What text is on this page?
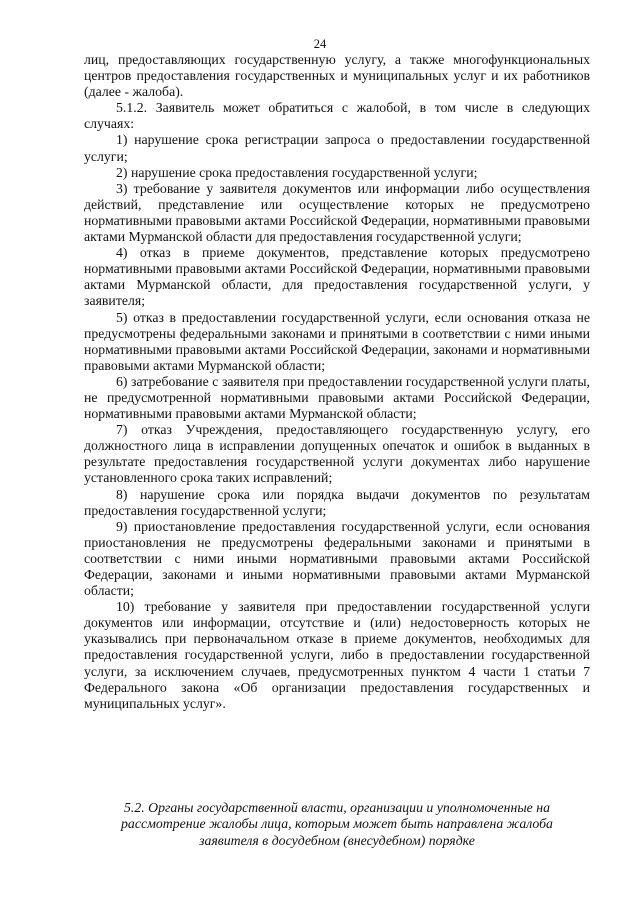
24

лиц, предоставляющих государственную услугу, а также многофункциональных центров предоставления государственных и муниципальных услуг и их работников (далее - жалоба).

5.1.2. Заявитель может обратиться с жалобой, в том числе в следующих случаях:

1) нарушение срока регистрации запроса о предоставлении государственной услуги;

2) нарушение срока предоставления государственной услуги;

3) требование у заявителя документов или информации либо осуществления действий, представление или осуществление которых не предусмотрено нормативными правовыми актами Российской Федерации, нормативными правовыми актами Мурманской области для предоставления государственной услуги;

4) отказ в приеме документов, представление которых предусмотрено нормативными правовыми актами Российской Федерации, нормативными правовыми актами Мурманской области, для предоставления государственной услуги, у заявителя;

5) отказ в предоставлении государственной услуги, если основания отказа не предусмотрены федеральными законами и принятыми в соответствии с ними иными нормативными правовыми актами Российской Федерации, законами и нормативными правовыми актами Мурманской области;

6) затребование с заявителя при предоставлении государственной услуги платы, не предусмотренной нормативными правовыми актами Российской Федерации, нормативными правовыми актами Мурманской области;

7) отказ Учреждения, предоставляющего государственную услугу, его должностного лица в исправлении допущенных опечаток и ошибок в выданных в результате предоставления государственной услуги документах либо нарушение установленного срока таких исправлений;

8) нарушение срока или порядка выдачи документов по результатам предоставления государственной услуги;

9) приостановление предоставления государственной услуги, если основания приостановления не предусмотрены федеральными законами и принятыми в соответствии с ними иными нормативными правовыми актами Российской Федерации, законами и иными нормативными правовыми актами Мурманской области;

10) требование у заявителя при предоставлении государственной услуги документов или информации, отсутствие и (или) недостоверность которых не указывались при первоначальном отказе в приеме документов, необходимых для предоставления государственной услуги, либо в предоставлении государственной услуги, за исключением случаев, предусмотренных пунктом 4 части 1 статьи 7 Федерального закона «Об организации предоставления государственных и муниципальных услуг».

5.2. Органы государственной власти, организации и уполномоченные на
рассмотрение жалобы лица, которым может быть направлена жалоба
заявителя в досудебном (внесудебном) порядке
